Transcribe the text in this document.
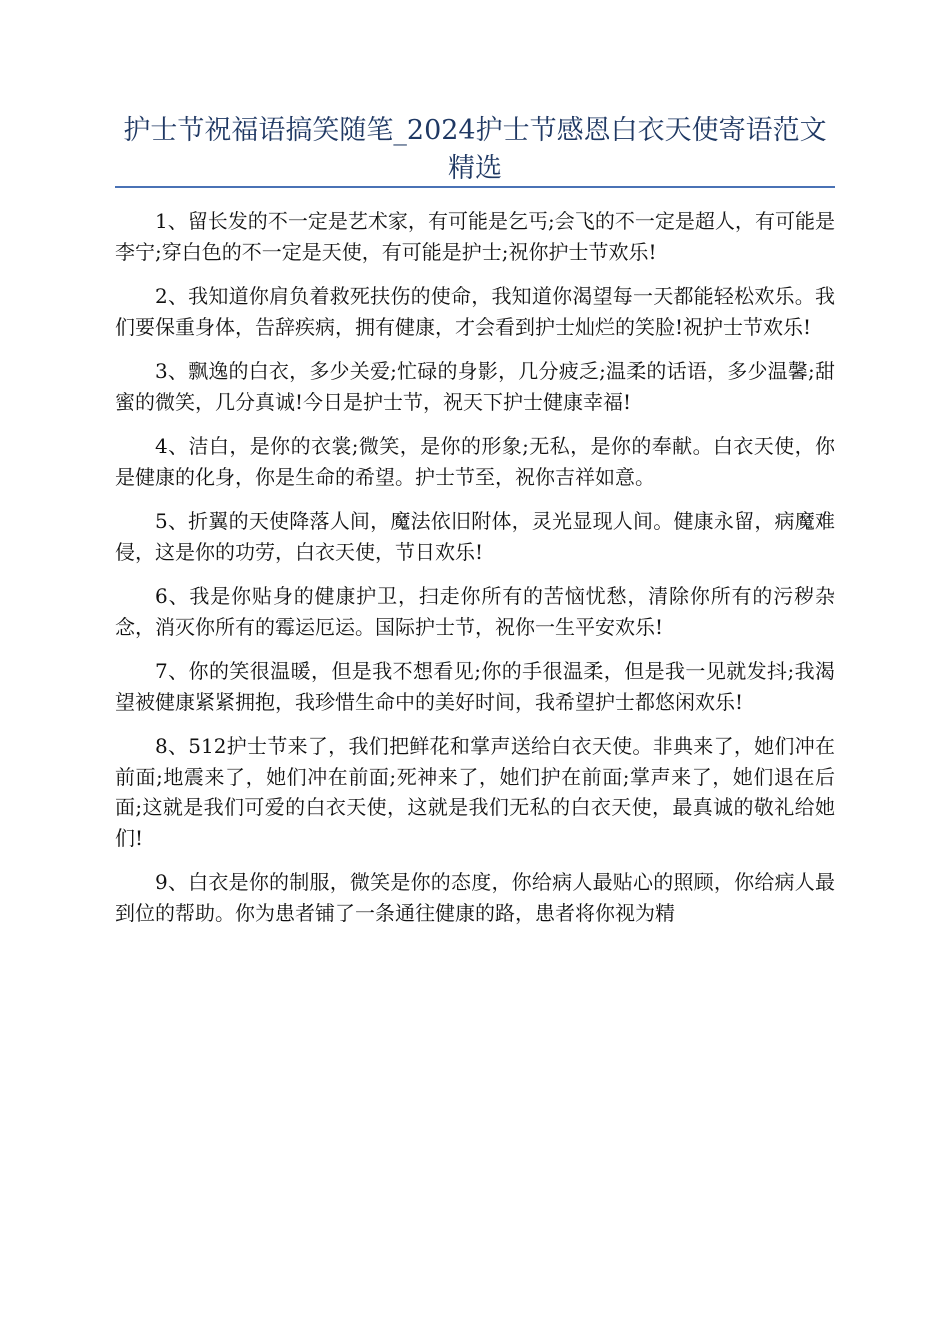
护士节祝福语搞笑随笔_2024护士节感恩白衣天使寄语范文精选

1、留长发的不一定是艺术家，有可能是乞丐;会飞的不一定是超人，有可能是李宁;穿白色的不一定是天使，有可能是护士;祝你护士节欢乐!

2、我知道你肩负着救死扶伤的使命，我知道你渴望每一天都能轻松欢乐。我们要保重身体，告辞疾病，拥有健康，才会看到护士灿烂的笑脸!祝护士节欢乐!

3、飘逸的白衣，多少关爱;忙碌的身影，几分疲乏;温柔的话语，多少温馨;甜蜜的微笑，几分真诚!今日是护士节，祝天下护士健康幸福!

4、洁白，是你的衣裳;微笑，是你的形象;无私，是你的奉献。白衣天使，你是健康的化身，你是生命的希望。护士节至，祝你吉祥如意。

5、折翼的天使降落人间，魔法依旧附体，灵光显现人间。健康永留，病魔难侵，这是你的功劳，白衣天使，节日欢乐!

6、我是你贴身的健康护卫，扫走你所有的苦恼忧愁，清除你所有的污秽杂念，消灭你所有的霉运厄运。国际护士节，祝你一生平安欢乐!

7、你的笑很温暖，但是我不想看见;你的手很温柔，但是我一见就发抖;我渴望被健康紧紧拥抱，我珍惜生命中的美好时间，我希望护士都悠闲欢乐!

8、512护士节来了，我们把鲜花和掌声送给白衣天使。非典来了，她们冲在前面;地震来了，她们冲在前面;死神来了，她们护在前面;掌声来了，她们退在后面;这就是我们可爱的白衣天使，这就是我们无私的白衣天使，最真诚的敬礼给她们!

9、白衣是你的制服，微笑是你的态度，你给病人最贴心的照顾，你给病人最到位的帮助。你为患者铺了一条通往健康的路，患者将你视为精
